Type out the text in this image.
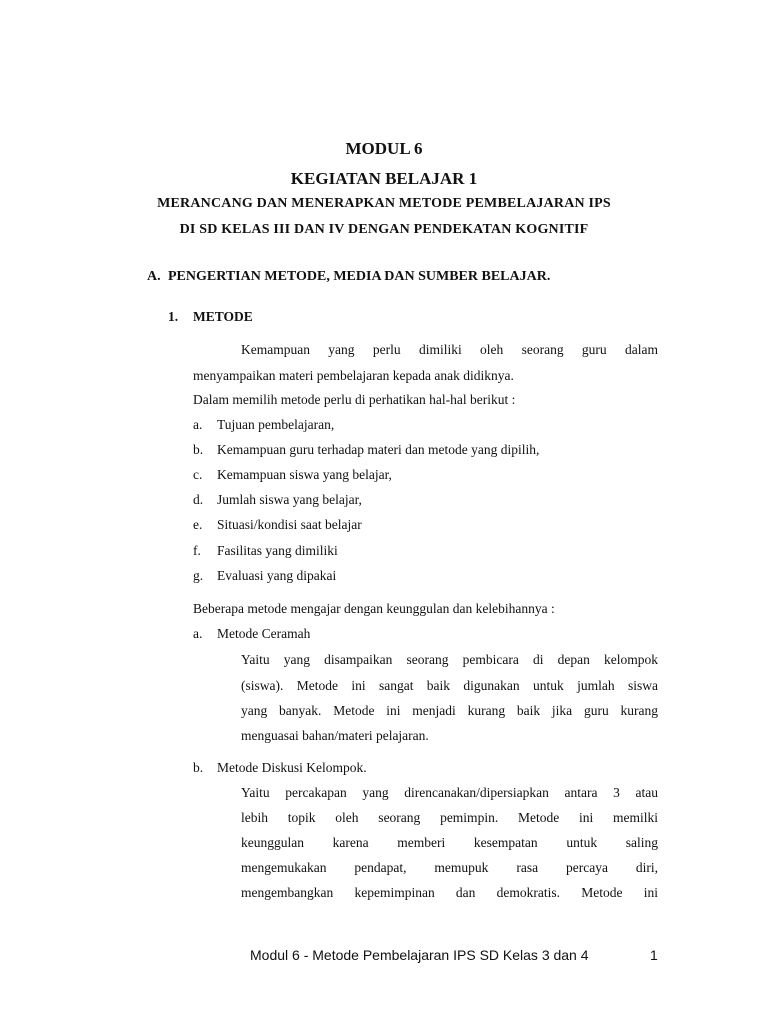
MODUL 6
KEGIATAN BELAJAR 1
MERANCANG DAN MENERAPKAN METODE PEMBELAJARAN IPS
DI SD KELAS III DAN IV DENGAN PENDEKATAN KOGNITIF
A. PENGERTIAN METODE, MEDIA DAN SUMBER BELAJAR.
1. METODE
Kemampuan yang perlu dimiliki oleh seorang guru dalam
menyampaikan materi pembelajaran kepada anak didiknya.
Dalam memilih metode perlu di perhatikan hal-hal berikut :
a. Tujuan pembelajaran,
b. Kemampuan guru terhadap materi dan metode yang dipilih,
c. Kemampuan siswa yang belajar,
d. Jumlah siswa yang belajar,
e. Situasi/kondisi saat belajar
f. Fasilitas yang dimiliki
g. Evaluasi yang dipakai
Beberapa metode mengajar dengan keunggulan dan kelebihannya :
a. Metode Ceramah
Yaitu yang disampaikan seorang pembicara di depan kelompok
(siswa). Metode ini sangat baik digunakan untuk jumlah siswa
yang banyak. Metode ini menjadi kurang baik jika guru kurang
menguasai bahan/materi pelajaran.
b. Metode Diskusi Kelompok.
Yaitu percakapan yang direncanakan/dipersiapkan antara 3 atau
lebih topik oleh seorang pemimpin. Metode ini memilki
keunggulan karena memberi kesempatan untuk saling
mengemukakan pendapat, memupuk rasa percaya diri,
mengembangkan kepemimpinan dan demokratis. Metode ini
Modul 6 - Metode Pembelajaran IPS SD Kelas 3 dan 4	1
